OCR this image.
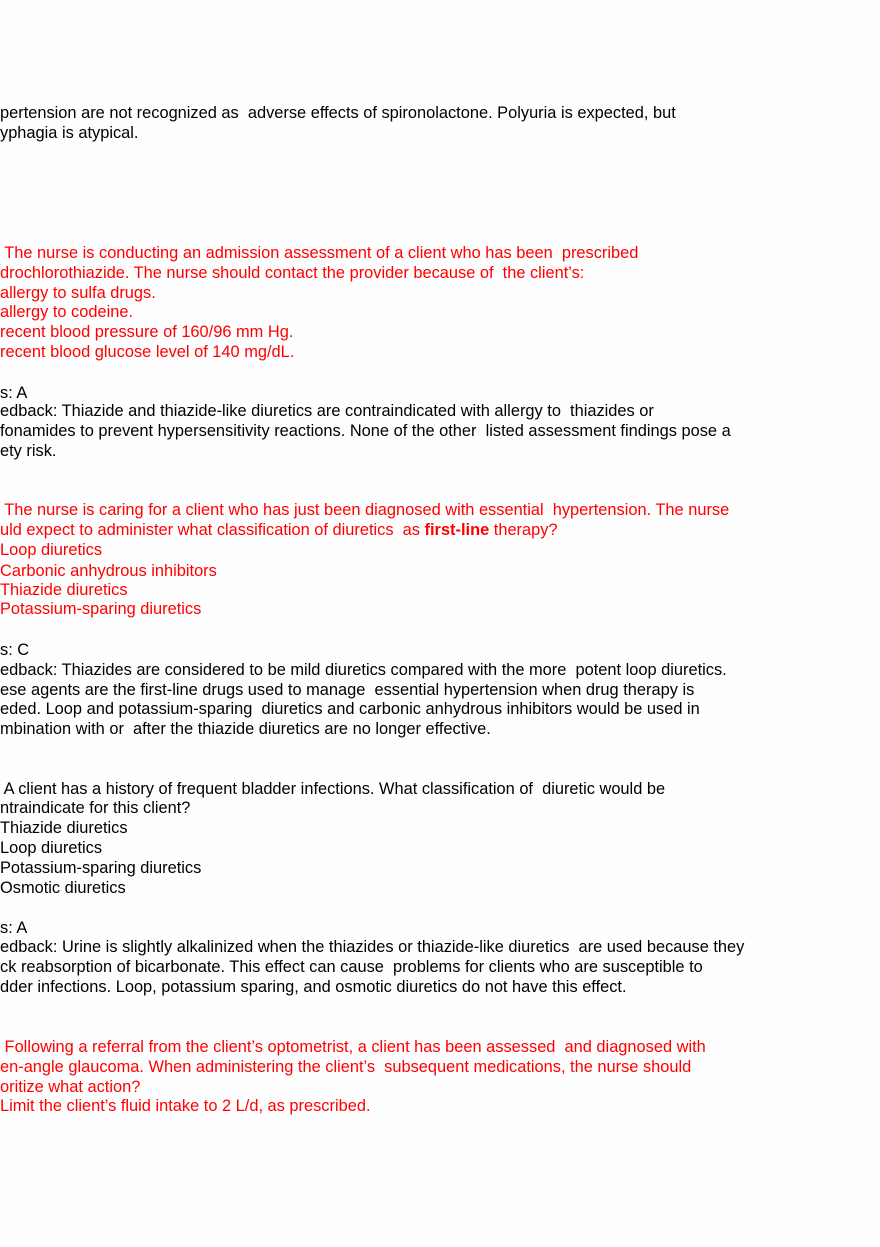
pertension are not recognized as  adverse effects of spironolactone. Polyuria is expected, but
yphagia is atypical.
The nurse is conducting an admission assessment of a client who has been  prescribed
drochlorothiazide. The nurse should contact the provider because of  the client’s:
allergy to sulfa drugs.
allergy to codeine.
recent blood pressure of 160/96 mm Hg.
recent blood glucose level of 140 mg/dL.
s: A
edback: Thiazide and thiazide-like diuretics are contraindicated with allergy to  thiazides or
fonamides to prevent hypersensitivity reactions. None of the other  listed assessment findings pose a
ety risk.
The nurse is caring for a client who has just been diagnosed with essential  hypertension. The nurse
uld expect to administer what classification of diuretics  as first-line therapy?
Loop diuretics
Carbonic anhydrous inhibitors
Thiazide diuretics
Potassium-sparing diuretics
s: C
edback: Thiazides are considered to be mild diuretics compared with the more  potent loop diuretics.
ese agents are the first-line drugs used to manage  essential hypertension when drug therapy is
eded. Loop and potassium-sparing  diuretics and carbonic anhydrous inhibitors would be used in
mbination with or  after the thiazide diuretics are no longer effective.
A client has a history of frequent bladder infections. What classification of  diuretic would be
ntraindicate for this client?
Thiazide diuretics
Loop diuretics
Potassium-sparing diuretics
Osmotic diuretics
s: A
edback: Urine is slightly alkalinized when the thiazides or thiazide-like diuretics  are used because they
ck reabsorption of bicarbonate. This effect can cause  problems for clients who are susceptible to
dder infections. Loop, potassium sparing, and osmotic diuretics do not have this effect.
Following a referral from the client’s optometrist, a client has been assessed  and diagnosed with
en-angle glaucoma. When administering the client’s  subsequent medications, the nurse should
oritize what action?
Limit the client’s fluid intake to 2 L/d, as prescribed.
